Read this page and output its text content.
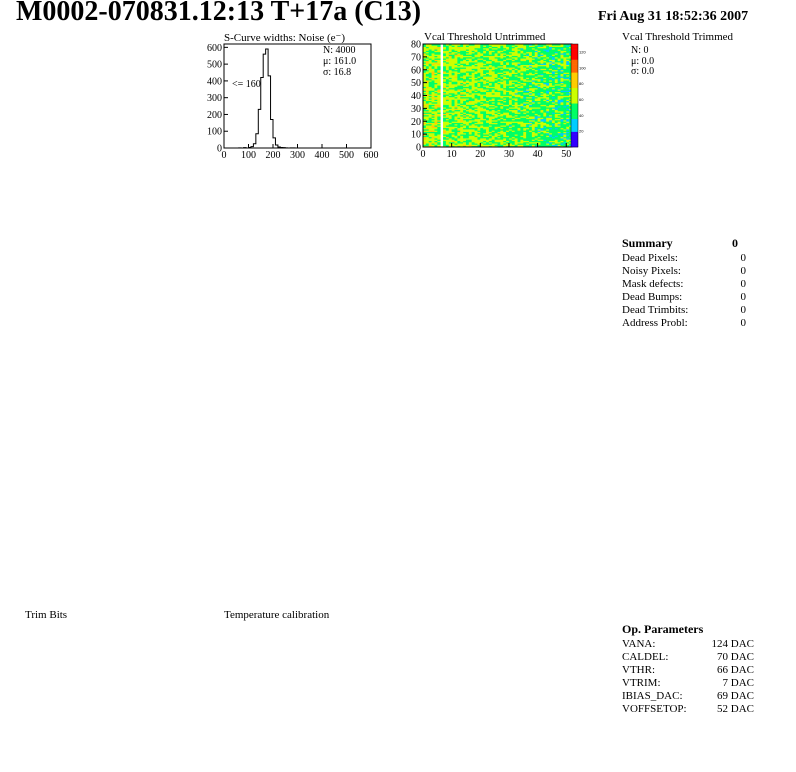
M0002-070831.12:13 T+17a (C13)	Fri Aug 31 18:52:36 2007
S-Curve widths: Noise (e⁻)
0
100
200
300
400
500
600
0 100 200 300 400 500 600
<= 160
N: 4000
μ: 161.0
σ: 16.8
Vcal Threshold Untrimmed
0
10
20
30
40
50
60
70
80
0 10 20 30 40 50
20
40
60
80
100
120
Vcal Threshold Trimmed
N: 0
μ: 0.0
σ: 0.0
Summary	0
Dead Pixels:	0
Noisy Pixels:	0
Mask defects:	0
Dead Bumps:	0
Dead Trimbits:	0
Address Probl:	0
Trim Bits	Temperature calibration
Op. Parameters
VANA:	124 DAC
CALDEL:	70 DAC
VTHR:	66 DAC
VTRIM:	7 DAC
IBIAS_DAC:	69 DAC
VOFFSETOP:	52 DAC
